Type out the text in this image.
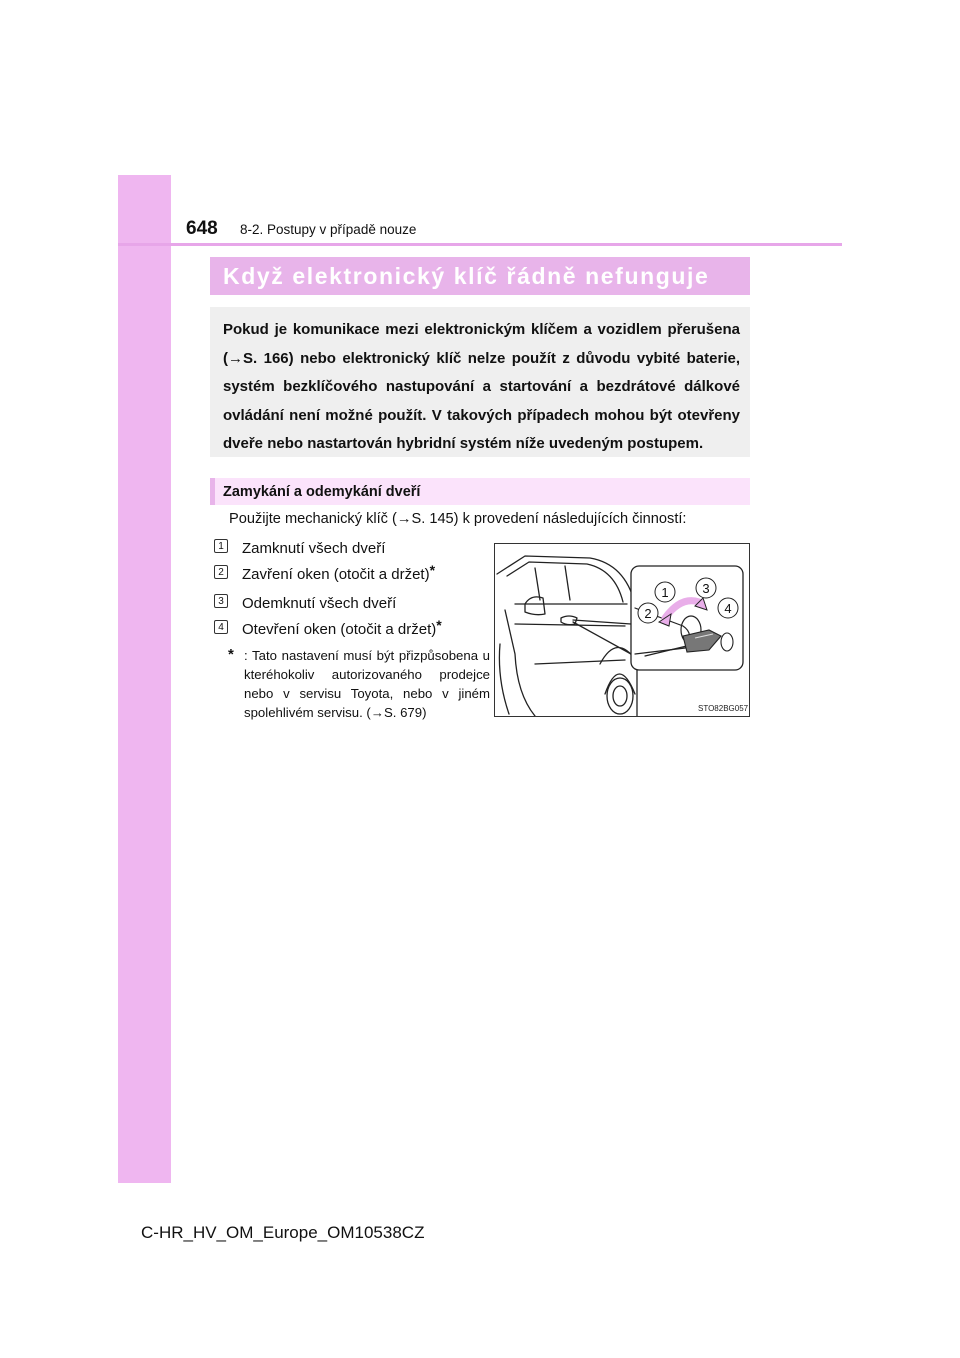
648 8-2. Postupy v případě nouze
Když elektronický klíč řádně nefunguje
Pokud je komunikace mezi elektronickým klíčem a vozidlem přerušena (→S. 166) nebo elektronický klíč nelze použít z důvodu vybité baterie, systém bezklíčového nastupování a startování a bezdrátové dálkové ovládání není možné použít. V takových případech mohou být otevřeny dveře nebo nastartován hybridní systém níže uvedeným postupem.
Zamykání a odemykání dveří
Použijte mechanický klíč (→S. 145) k provedení následujících činností:
1 Zamknutí všech dveří
2 Zavření oken (otočit a držet)*
3 Odemknutí všech dveří
4 Otevření oken (otočit a držet)*
* : Tato nastavení musí být přizpůsobena u kteréhokoliv autorizovaného prodejce nebo v servisu Toyota, nebo v jiném spolehlivém servisu. (→S. 679)
1	3
2	4
STO82BG057
C-HR_HV_OM_Europe_OM10538CZ
